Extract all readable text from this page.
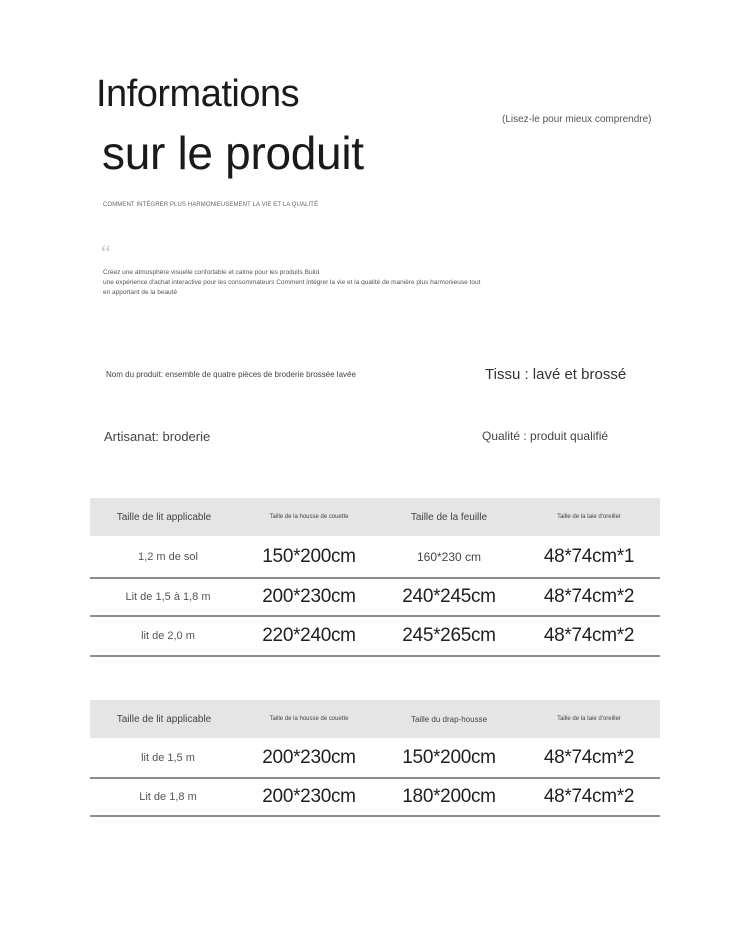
Informations
sur le produit
(Lisez-le pour mieux comprendre)
COMMENT INTÉGRER PLUS HARMONIEUSEMENT LA VIE ET LA QUALITÉ
“
Créez une atmosphère visuelle confortable et calme pour les produits Build
une expérience d'achat interactive pour les consommateurs Comment intégrer la vie et la qualité de manière plus harmonieuse tout
en apportant de la beauté
Nom du produit: ensemble de quatre pièces de broderie brossée lavée	Tissu : lavé et brossé
Artisanat: broderie	Qualité : produit qualifié
Taille de lit applicable	Taille de la housse de couette	Taille de la feuille	Taille de la taie d'oreiller
1,2 m de sol	150*200cm	160*230 cm	48*74cm*1
Lit de 1,5 à 1,8 m	200*230cm	240*245cm	48*74cm*2
lit de 2,0 m	220*240cm	245*265cm	48*74cm*2
Taille de lit applicable	Taille de la housse de couette	Taille du drap-housse	Taille de la taie d'oreiller
lit de 1,5 m	200*230cm	150*200cm	48*74cm*2
Lit de 1,8 m	200*230cm	180*200cm	48*74cm*2
